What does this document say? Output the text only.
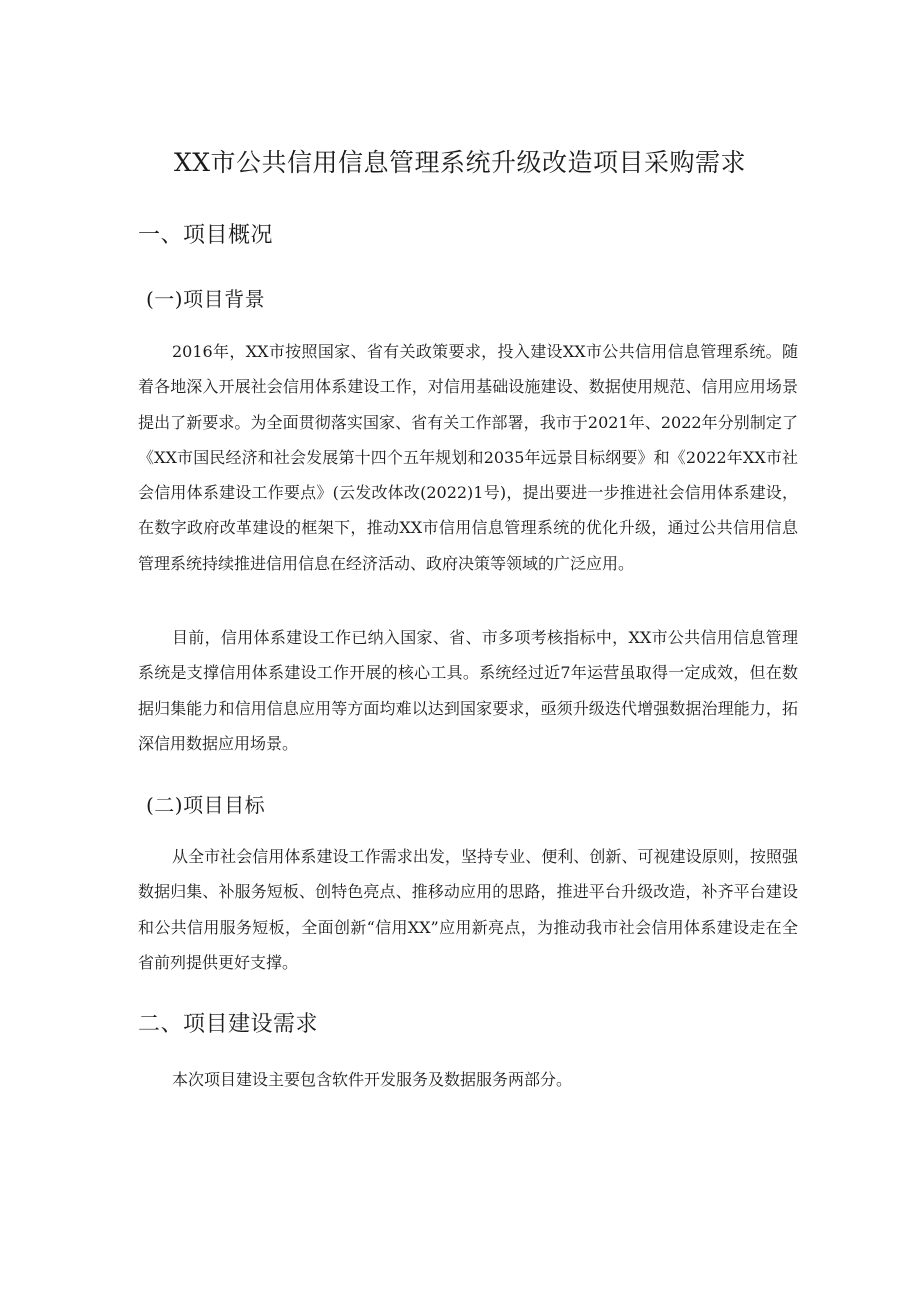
XX市公共信用信息管理系统升级改造项目采购需求
一、项目概况
(一)项目背景

2016年，XX市按照国家、省有关政策要求，投入建设XX市公共信用信息管理系统。随着各地深入开展社会信用体系建设工作，对信用基础设施建设、数据使用规范、信用应用场景提出了新要求。为全面贯彻落实国家、省有关工作部署，我市于2021年、2022年分别制定了《XX市国民经济和社会发展第十四个五年规划和2035年远景目标纲要》和《2022年XX市社会信用体系建设工作要点》(云发改体改(2022)1号)，提出要进一步推进社会信用体系建设，在数字政府改革建设的框架下，推动XX市信用信息管理系统的优化升级，通过公共信用信息管理系统持续推进信用信息在经济活动、政府决策等领域的广泛应用。

目前，信用体系建设工作已纳入国家、省、市多项考核指标中，XX市公共信用信息管理系统是支撑信用体系建设工作开展的核心工具。系统经过近7年运营虽取得一定成效，但在数据归集能力和信用信息应用等方面均难以达到国家要求，亟须升级迭代增强数据治理能力，拓深信用数据应用场景。

(二)项目目标

从全市社会信用体系建设工作需求出发，坚持专业、便利、创新、可视建设原则，按照强数据归集、补服务短板、创特色亮点、推移动应用的思路，推进平台升级改造，补齐平台建设和公共信用服务短板，全面创新“信用XX”应用新亮点，为推动我市社会信用体系建设走在全省前列提供更好支撑。

二、项目建设需求

本次项目建设主要包含软件开发服务及数据服务两部分。
